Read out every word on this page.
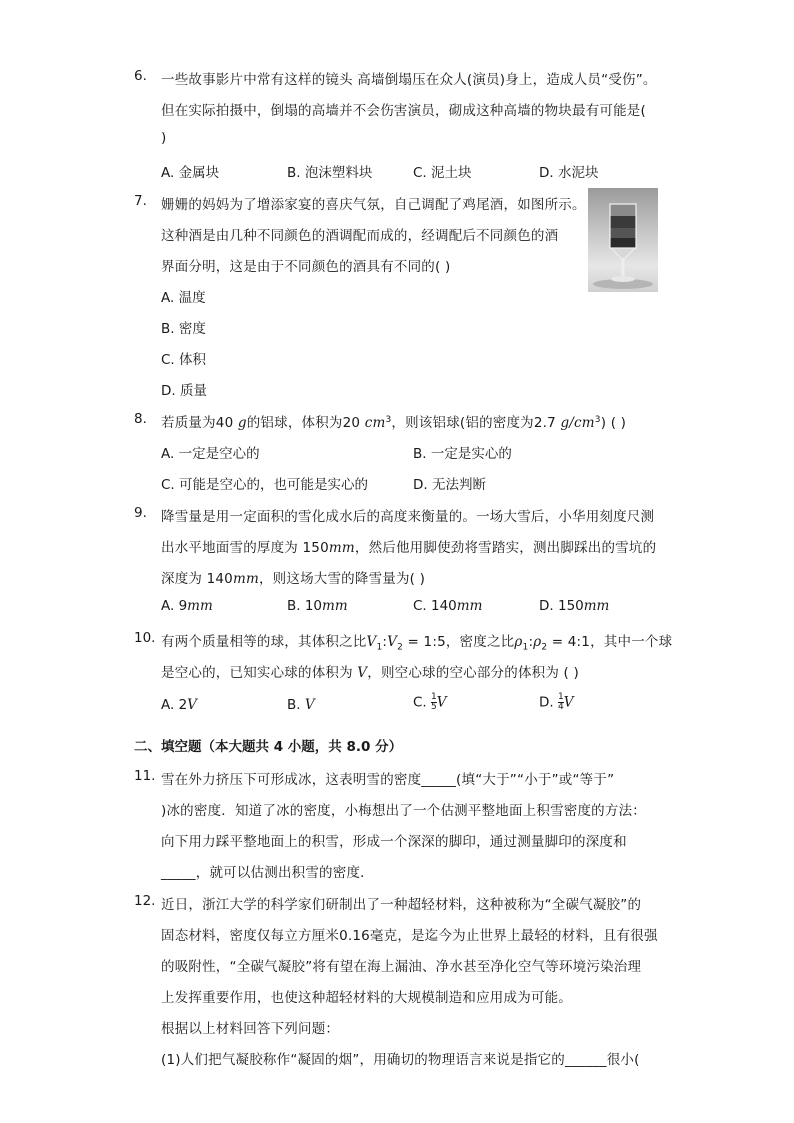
6. 一些故事影片中常有这样的镜头 高墙倒塌压在众人(演员)身上，造成人员“受伤”。
但在实际拍摄中，倒塌的高墙并不会伤害演员，砌成这种高墙的物块最有可能是(
)
A. 金属块	B. 泡沫塑料块	C. 泥土块	D. 水泥块
7. 姗姗的妈妈为了增添家宴的喜庆气氛，自己调配了鸡尾酒，如图所示。
这种酒是由几种不同颜色的酒调配而成的，经调配后不同颜色的酒
界面分明，这是由于不同颜色的酒具有不同的( )
A. 温度
B. 密度
C. 体积
D. 质量
8. 若质量为40 g的铝球，体积为20 $cm^3$，则该铝球(铝的密度为2.7 $g/cm^3$) ( )
A. 一定是空心的	B. 一定是实心的
C. 可能是空心的，也可能是实心的	D. 无法判断
9. 降雪量是用一定面积的雪化成水后的高度来衡量的。一场大雪后，小华用刻度尺测
出水平地面雪的厚度为 150mm，然后他用脚使劲将雪踏实，测出脚踩出的雪坑的
深度为 140mm，则这场大雪的降雪量为( )
A. 9mm	B. 10mm	C. 140mm	D. 150mm
10. 有两个质量相等的球，其体积之比$V_1:V_2$ = 1:5，密度之比$\rho_1:\rho_2$ = 4:1，其中一个球
是空心的，已知实心球的体积为 V，则空心球的空心部分的体积为 ( )
A. 2V	B. V	C. $\frac{1}{5}$ V	D. $\frac{1}{4}$ V
二、填空题（本大题共 4 小题，共 8.0 分）
11. 雪在外力挤压下可形成冰，这表明雪的密度_____(填“大于”“小于”或“等于”
)冰的密度．知道了冰的密度，小梅想出了一个估测平整地面上积雪密度的方法：
向下用力踩平整地面上的积雪，形成一个深深的脚印，通过测量脚印的深度和
_____，就可以估测出积雪的密度．
12. 近日，浙江大学的科学家们研制出了一种超轻材料，这种被称为“全碳气凝胶”的
固态材料，密度仅每立方厘米0.16毫克，是迄今为止世界上最轻的材料，且有很强
的吸附性，“全碳气凝胶”将有望在海上漏油、净水甚至净化空气等环境污染治理
上发挥重要作用，也使这种超轻材料的大规模制造和应用成为可能。
根据以上材料回答下列问题：
(1)人们把气凝胶称作“凝固的烟”，用确切的物理语言来说是指它的______很小(
